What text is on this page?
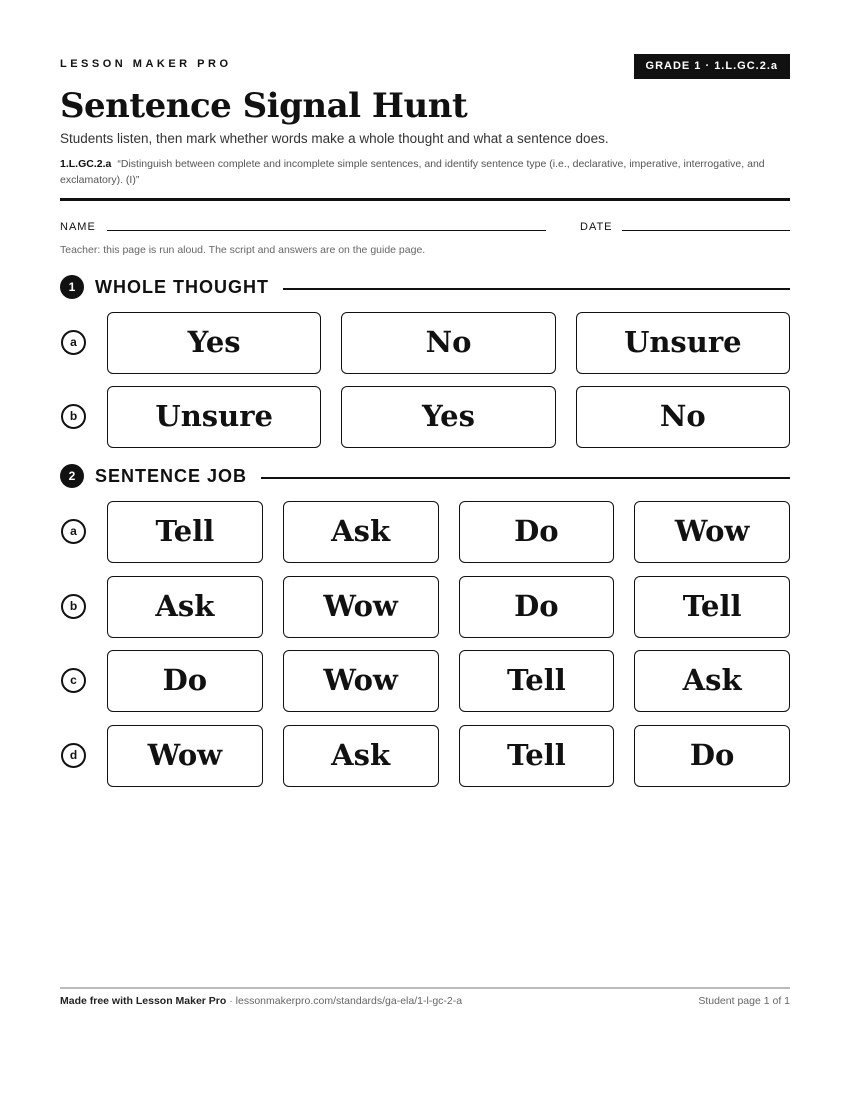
LESSON MAKER PRO	GRADE 1 · 1.L.GC.2.a
Sentence Signal Hunt
Students listen, then mark whether words make a whole thought and what a sentence does.
1.L.GC.2.a “Distinguish between complete and incomplete simple sentences, and identify sentence type (i.e., declarative, imperative, interrogative, and exclamatory). (I)”
NAME	DATE
Teacher: this page is run aloud. The script and answers are on the guide page.
1	WHOLE THOUGHT
a	Yes	No	Unsure
b	Unsure	Yes	No
2	SENTENCE JOB
a	Tell	Ask	Do	Wow
b	Ask	Wow	Do	Tell
c	Do	Wow	Tell	Ask
d	Wow	Ask	Tell	Do
Made free with Lesson Maker Pro · lessonmakerpro.com/standards/ga-ela/1-l-gc-2-a	Student page 1 of 1
